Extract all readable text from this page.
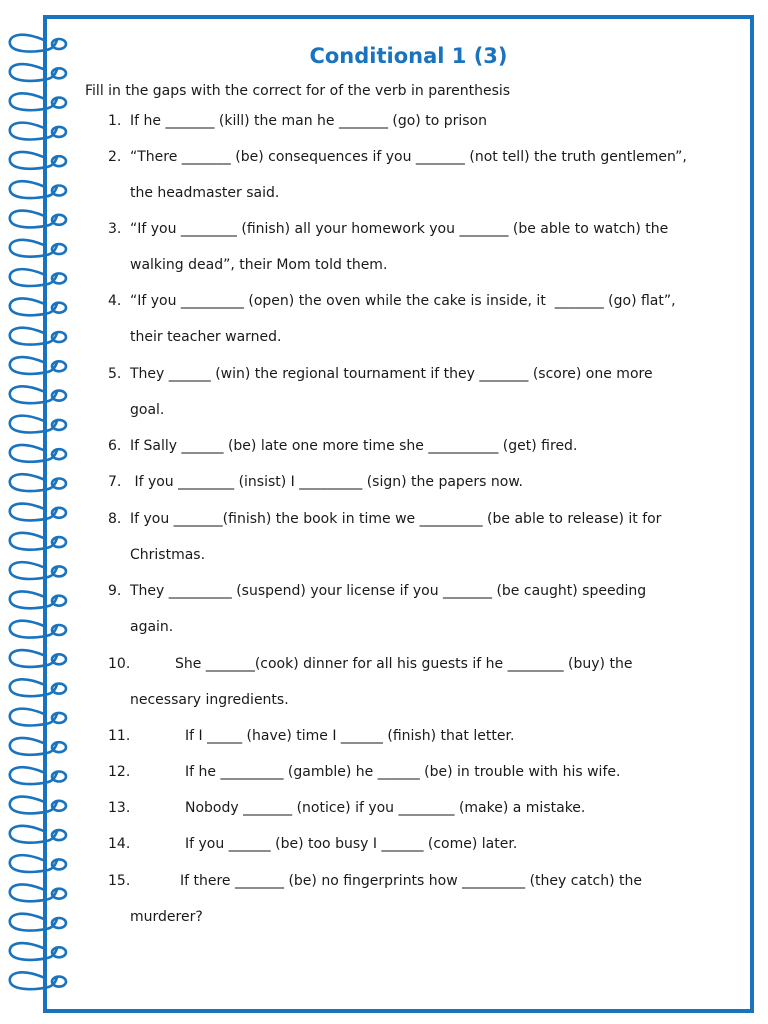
Conditional 1 (3)

Fill in the gaps with the correct for of the verb in parenthesis

1. If he _______ (kill) the man he _______ (go) to prison
2. “There _______ (be) consequences if you _______ (not tell) the truth gentlemen”,
the headmaster said.
3. “If you ________ (finish) all your homework you _______ (be able to watch) the
walking dead”, their Mom told them.
4. “If you _________ (open) the oven while the cake is inside, it  _______ (go) flat”,
their teacher warned.
5. They ______ (win) the regional tournament if they _______ (score) one more
goal.
6. If Sally ______ (be) late one more time she __________ (get) fired.
7. If you ________ (insist) I _________ (sign) the papers now.
8. If you _______(finish) the book in time we _________ (be able to release) it for
Christmas.
9. They _________ (suspend) your license if you _______ (be caught) speeding
again.
10.	She _______(cook) dinner for all his guests if he ________ (buy) the
necessary ingredients.
11.	If I _____ (have) time I ______ (finish) that letter.
12.	If he _________ (gamble) he ______ (be) in trouble with his wife.
13.	Nobody _______ (notice) if you ________ (make) a mistake.
14.	If you ______ (be) too busy I ______ (come) later.
15.	If there _______ (be) no fingerprints how _________ (they catch) the
murderer?
